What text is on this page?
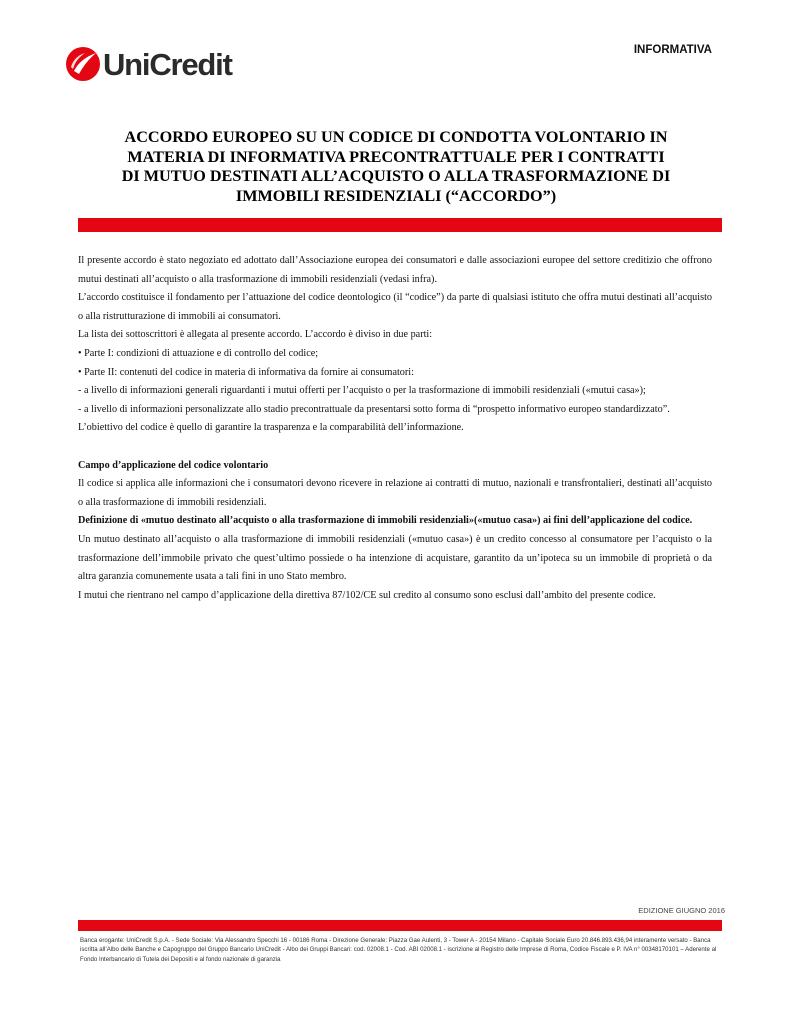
UniCredit	INFORMATIVA
ACCORDO EUROPEO SU UN CODICE DI CONDOTTA VOLONTARIO IN
MATERIA DI INFORMATIVA PRECONTRATTUALE PER I CONTRATTI
DI MUTUO DESTINATI ALL’ACQUISTO O ALLA TRASFORMAZIONE DI
IMMOBILI RESIDENZIALI (“ACCORDO”)

Il presente accordo è stato negoziato ed adottato dall’Associazione europea dei consumatori e dalle associazioni europee del settore creditizio che offrono mutui destinati all’acquisto o alla trasformazione di immobili residenziali (vedasi infra).

L’accordo costituisce il fondamento per l’attuazione del codice deontologico (il “codice”) da parte di qualsiasi istituto che offra mutui destinati all’acquisto o alla ristrutturazione di immobili ai consumatori.

La lista dei sottoscrittori è allegata al presente accordo. L’accordo è diviso in due parti:

• Parte I: condizioni di attuazione e di controllo del codice;

• Parte II: contenuti del codice in materia di informativa da fornire ai consumatori:

- a livello di informazioni generali riguardanti i mutui offerti per l’acquisto o per la trasformazione di immobili residenziali («mutui casa»);

- a livello di informazioni personalizzate allo stadio precontrattuale da presentarsi sotto forma di “prospetto informativo europeo standardizzato”.

L’obiettivo del codice è quello di garantire la trasparenza e la comparabilità dell’informazione.

Campo d’applicazione del codice volontario

Il codice si applica alle informazioni che i consumatori devono ricevere in relazione ai contratti di mutuo, nazionali e transfrontalieri, destinati all’acquisto o alla trasformazione di immobili residenziali.

Definizione di «mutuo destinato all’acquisto o alla trasformazione di immobili residenziali»(«mutuo casa») ai fini dell’applicazione del codice.

Un mutuo destinato all’acquisto o alla trasformazione di immobili residenziali («mutuo casa») è un credito concesso al consumatore per l’acquisto o la trasformazione dell’immobile privato che quest’ultimo possiede o ha intenzione di acquistare, garantito da un’ipoteca su un immobile di proprietà o da altra garanzia comunemente usata a tali fini in uno Stato membro.

I mutui che rientrano nel campo d’applicazione della direttiva 87/102/CE sul credito al consumo sono esclusi dall’ambito del presente codice.

EDIZIONE GIUGNO 2016
Banca erogante: UniCredit S.p.A. - Sede Sociale: Via Alessandro Specchi 16 - 00186 Roma - Direzione Generale: Piazza Gae Aulenti, 3 - Tower A - 20154 Milano - Capitale Sociale Euro 20.846.893.436,94 interamente versato - Banca
iscritta all’Albo delle Banche e Capogruppo del Gruppo Bancario UniCredit - Albo dei Gruppi Bancari: cod. 02008.1 - Cod. ABI 02008.1 - iscrizione al Registro delle Imprese di Roma, Codice Fiscale e P. IVA n° 00348170101 – Aderente al
Fondo Interbancario di Tutela dei Depositi e al fondo nazionale di garanzia
